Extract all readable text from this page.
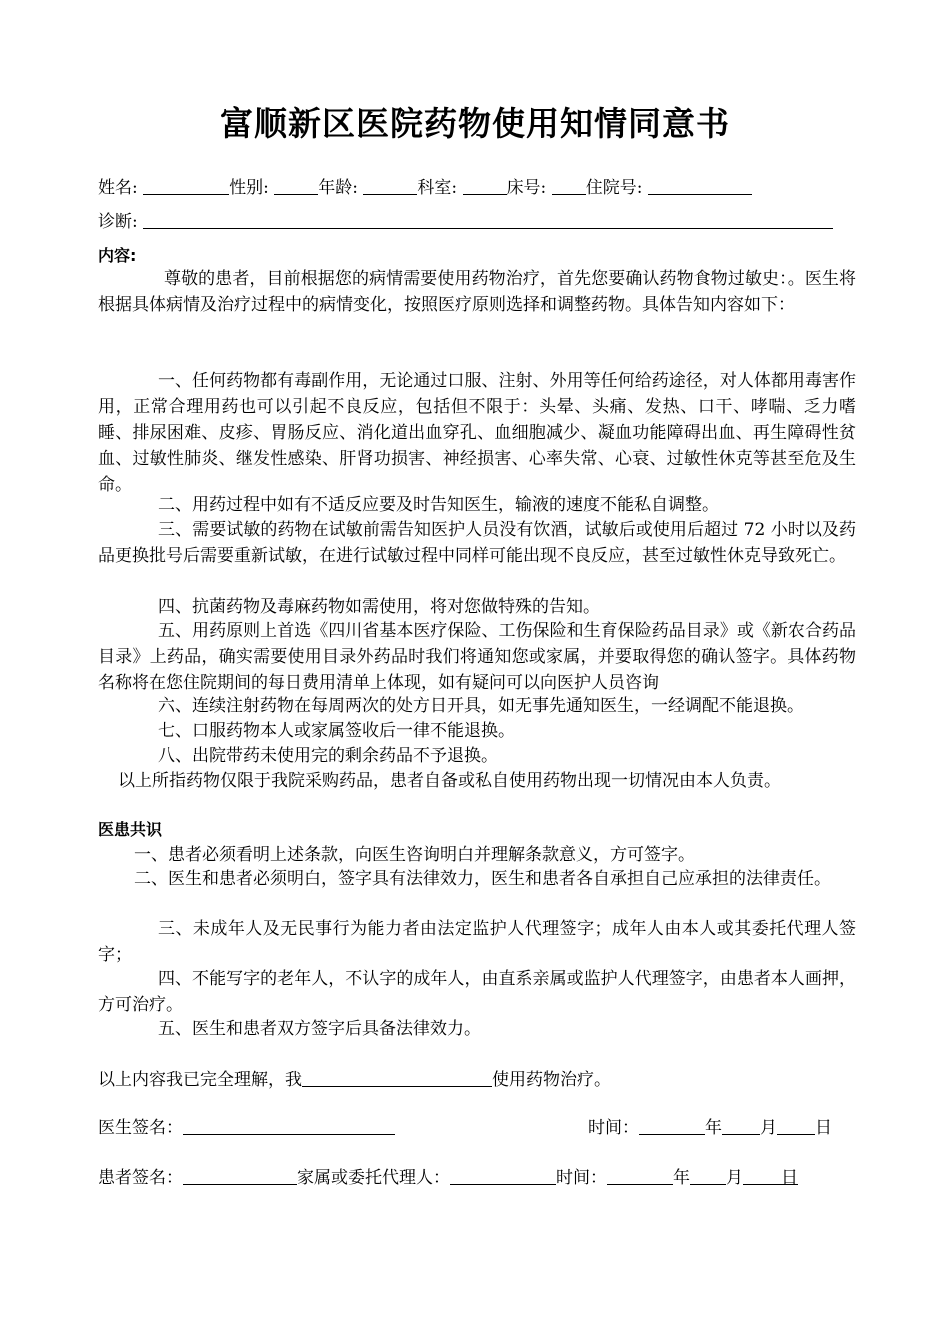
富顺新区医院药物使用知情同意书
姓名:	性别:	年龄:	科室:	床号: 住院号:
诊断:
内容:
尊敬的患者，目前根据您的病情需要使用药物治疗，首先您要确认药物食物过敏史：。医生将根据具体病情及治疗过程中的病情变化，按照医疗原则选择和调整药物。具体告知内容如下：
一、任何药物都有毒副作用，无论通过口服、注射、外用等任何给药途径，对人体都用毒害作用，正常合理用药也可以引起不良反应，包括但不限于：头晕、头痛、发热、口干、哮喘、乏力嗜睡、排尿困难、皮疹、胃肠反应、消化道出血穿孔、血细胞减少、凝血功能障碍出血、再生障碍性贫血、过敏性肺炎、继发性感染、肝肾功损害、神经损害、心率失常、心衰、过敏性休克等甚至危及生命。
二、用药过程中如有不适反应要及时告知医生，输液的速度不能私自调整。
三、需要试敏的药物在试敏前需告知医护人员没有饮酒，试敏后或使用后超过 72 小时以及药品更换批号后需要重新试敏，在进行试敏过程中同样可能出现不良反应，甚至过敏性休克导致死亡。
四、抗菌药物及毒麻药物如需使用，将对您做特殊的告知。
五、用药原则上首选《四川省基本医疗保险、工伤保险和生育保险药品目录》或《新农合药品目录》上药品，确实需要使用目录外药品时我们将通知您或家属，并要取得您的确认签字。具体药物名称将在您住院期间的每日费用清单上体现，如有疑问可以向医护人员咨询
六、连续注射药物在每周两次的处方日开具，如无事先通知医生，一经调配不能退换。
七、口服药物本人或家属签收后一律不能退换。
八、出院带药未使用完的剩余药品不予退换。
以上所指药物仅限于我院采购药品，患者自备或私自使用药物出现一切情况由本人负责。
医患共识
一、患者必须看明上述条款，向医生咨询明白并理解条款意义，方可签字。
二、医生和患者必须明白，签字具有法律效力，医生和患者各自承担自己应承担的法律责任。
三、未成年人及无民事行为能力者由法定监护人代理签字；成年人由本人或其委托代理人签字；
四、不能写字的老年人，不认字的成年人，由直系亲属或监护人代理签字，由患者本人画押，方可治疗。
五、医生和患者双方签字后具备法律效力。
以上内容我已完全理解，我	使用药物治疗。
医生签名：	时间：	年 月 日
患者签名：	家属或委托代理人：	时间：	年 月 日
